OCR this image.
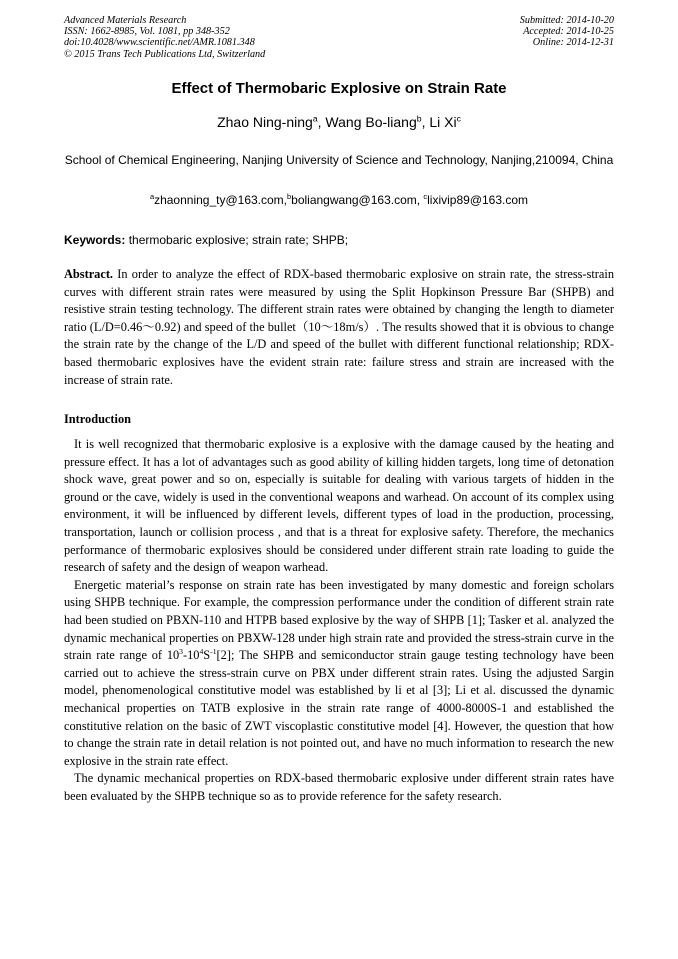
Advanced Materials Research
ISSN: 1662-8985, Vol. 1081, pp 348-352
doi:10.4028/www.scientific.net/AMR.1081.348
© 2015 Trans Tech Publications Ltd, Switzerland
Submitted: 2014-10-20
Accepted: 2014-10-25
Online: 2014-12-31
Effect of Thermobaric Explosive on Strain Rate
Zhao Ning-ning$^a$, Wang Bo-liang$^b$, Li Xi$^c$
School of Chemical Engineering, Nanjing University of Science and Technology, Nanjing,210094, China
$^a$zhaonning_ty@163.com,$^b$boliangwang@163.com, $^c$lixivip89@163.com
Keywords: thermobaric explosive; strain rate; SHPB;
Abstract. In order to analyze the effect of RDX-based thermobaric explosive on strain rate, the stress-strain curves with different strain rates were measured by using the Split Hopkinson Pressure Bar (SHPB) and resistive strain testing technology. The different strain rates were obtained by changing the length to diameter ratio (L/D=0.46～0.92) and speed of the bullet（10～18m/s）. The results showed that it is obvious to change the strain rate by the change of the L/D and speed of the bullet with different functional relationship; RDX-based thermobaric explosives have the evident strain rate: failure stress and strain are increased with the increase of strain rate.
Introduction

It is well recognized that thermobaric explosive is a explosive with the damage caused by the heating and pressure effect. It has a lot of advantages such as good ability of killing hidden targets, long time of detonation shock wave, great power and so on, especially is suitable for dealing with various targets of hidden in the ground or the cave, widely is used in the conventional weapons and warhead. On account of its complex using environment, it will be influenced by different levels, different types of load in the production, processing, transportation, launch or collision process , and that is a threat for explosive safety. Therefore, the mechanics performance of thermobaric explosives should be considered under different strain rate loading to guide the research of safety and the design of weapon warhead.

Energetic material’s response on strain rate has been investigated by many domestic and foreign scholars using SHPB technique. For example, the compression performance under the condition of different strain rate had been studied on PBXN-110 and HTPB based explosive by the way of SHPB [1]; Tasker et al. analyzed the dynamic mechanical properties on PBXW-128 under high strain rate and provided the stress-strain curve in the strain rate range of $10^3-10^4S^{-1}[2]$; The SHPB and semiconductor strain gauge testing technology have been carried out to achieve the stress-strain curve on PBX under different strain rates. Using the adjusted Sargin model, phenomenological constitutive model was established by li et al [3]; Li et al. discussed the dynamic mechanical properties on TATB explosive in the strain rate range of 4000-8000S-1 and established the constitutive relation on the basic of ZWT viscoplastic constitutive model [4]. However, the question that how to change the strain rate in detail relation is not pointed out, and have no much information to research the new explosive in the strain rate effect.

The dynamic mechanical properties on RDX-based thermobaric explosive under different strain rates have been evaluated by the SHPB technique so as to provide reference for the safety research.
